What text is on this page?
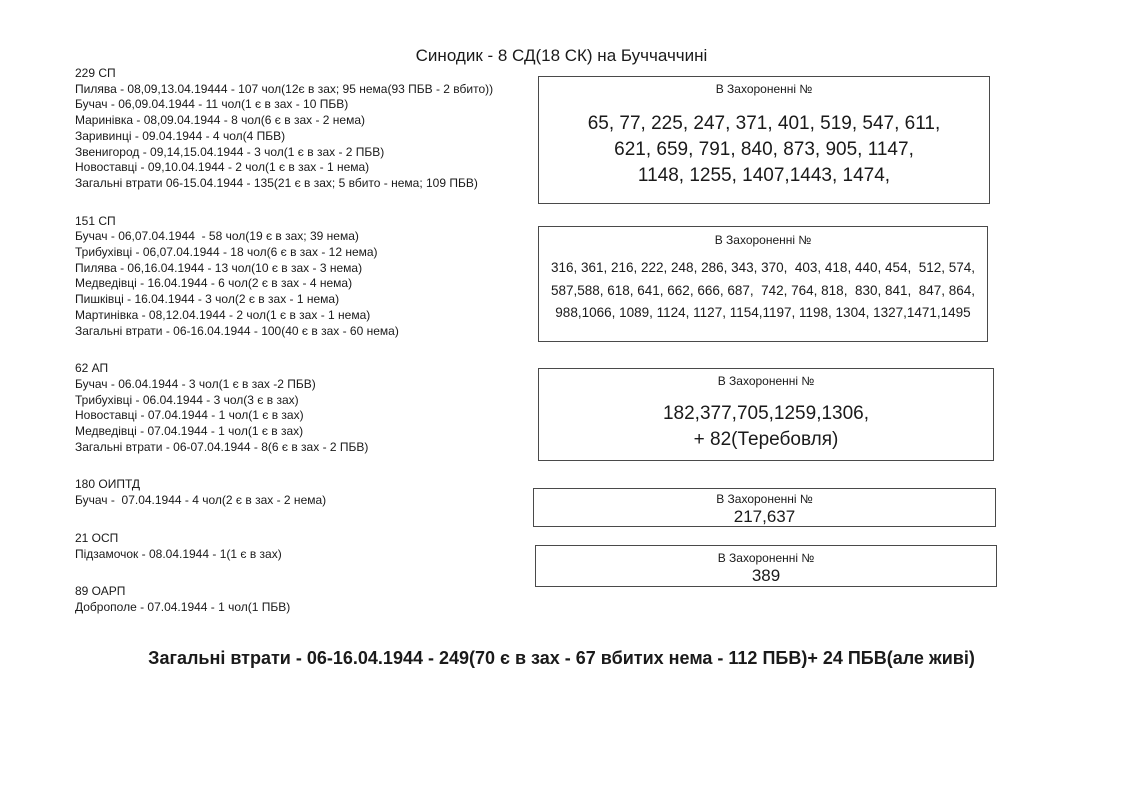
Синодик - 8 СД(18 СК) на Буччаччині
229 СП
Пилява - 08,09,13.04.19444 - 107 чол(12є в зах; 95 нема(93 ПБВ - 2 вбито))
Бучач - 06,09.04.1944 - 11 чол(1 є в зах - 10 ПБВ)
Маринівка - 08,09.04.1944 - 8 чол(6 є в зах - 2 нема)
Заривинці - 09.04.1944 - 4 чол(4 ПБВ)
Звенигород - 09,14,15.04.1944 - 3 чол(1 є в зах - 2 ПБВ)
Новоставці - 09,10.04.1944 - 2 чол(1 є в зах - 1 нема)
Загальні втрати 06-15.04.1944 - 135(21 є в зах; 5 вбито - нема; 109 ПБВ)
151 СП
Бучач - 06,07.04.1944  - 58 чол(19 є в зах; 39 нема)
Трибухівці - 06,07.04.1944 - 18 чол(6 є в зах - 12 нема)
Пилява - 06,16.04.1944 - 13 чол(10 є в зах - 3 нема)
Медведівці - 16.04.1944 - 6 чол(2 є в зах - 4 нема)
Пишківці - 16.04.1944 - 3 чол(2 є в зах - 1 нема)
Мартинівка - 08,12.04.1944 - 2 чол(1 є в зах - 1 нема)
Загальні втрати - 06-16.04.1944 - 100(40 є в зах - 60 нема)
62 АП
Бучач - 06.04.1944 - 3 чол(1 є в зах -2 ПБВ)
Трибухівці - 06.04.1944 - 3 чол(3 є в зах)
Новоставці - 07.04.1944 - 1 чол(1 є в зах)
Медведівці - 07.04.1944 - 1 чол(1 є в зах)
Загальні втрати - 06-07.04.1944 - 8(6 є в зах - 2 ПБВ)
180 ОИПТД
Бучач -  07.04.1944 - 4 чол(2 є в зах - 2 нема)
21 ОСП
Підзамочок - 08.04.1944 - 1(1 є в зах)
89 ОАРП
Доброполе - 07.04.1944 - 1 чол(1 ПБВ)
В Захороненні №
65, 77, 225, 247, 371, 401, 519, 547, 611,
621, 659, 791, 840, 873, 905, 1147,
1148, 1255, 1407,1443, 1474,
В Захороненні №
316, 361, 216, 222, 248, 286, 343, 370,  403, 418, 440, 454,  512, 574,
587,588, 618, 641, 662, 666, 687,  742, 764, 818,  830, 841,  847, 864,
988,1066, 1089, 1124, 1127, 1154,1197, 1198, 1304, 1327,1471,1495
В Захороненні №
182,377,705,1259,1306,
+ 82(Теребовля)
В Захороненні №
217,637
В Захороненні №
389
Загальні втрати - 06-16.04.1944 - 249(70 є в зах - 67 вбитих нема - 112 ПБВ)+ 24 ПБВ(але живі)
